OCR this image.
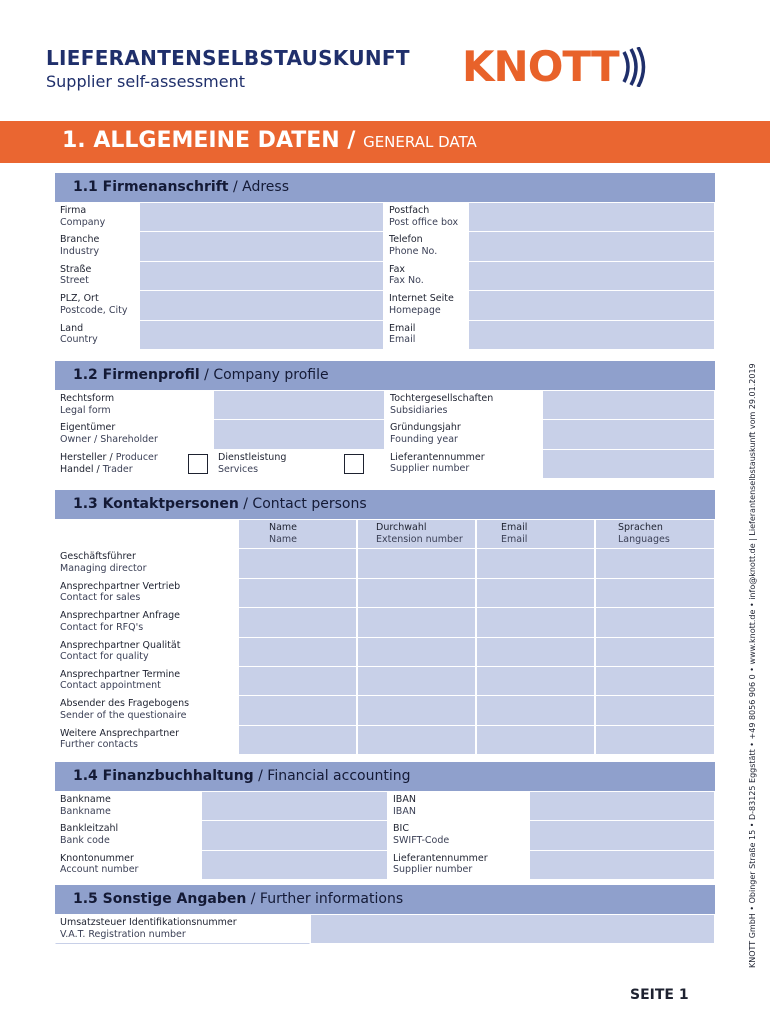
LIEFERANTENSELBSTAUSKUNFT
Supplier self-assessment	KNOTT
1. ALLGEMEINE DATEN / GENERAL DATA
1.1 Firmenanschrift / Adress
Firma
Company
Postfach
Post office box
Branche
Industry
Telefon
Phone No.
Straße
Street
Fax
Fax No.
PLZ, Ort
Postcode, City
Internet Seite
Homepage
Land
Country
Email
Email
1.2 Firmenprofil / Company profile
Rechtsform
Legal form
Tochtergesellschaften
Subsidiaries
Eigentümer
Owner / Shareholder
Gründungsjahr
Founding year
Hersteller / Producer
Handel / Trader
Dienstleistung
Services
Lieferantennummer
Supplier number
1.3 Kontaktpersonen / Contact persons
Name
Name
Durchwahl
Extension number
Email
Email
Sprachen
Languages
Geschäftsführer
Managing director
Ansprechpartner Vertrieb
Contact for sales
Ansprechpartner Anfrage
Contact for RFQ's
Ansprechpartner Qualität
Contact for quality
Ansprechpartner Termine
Contact appointment
Absender des Fragebogens
Sender of the questionaire
Weitere Ansprechpartner
Further contacts
1.4 Finanzbuchhaltung / Financial accounting
Bankname
Bankname
IBAN
IBAN
Bankleitzahl
Bank code
BIC
SWIFT-Code
Knontonummer
Account number
Lieferantennummer
Supplier number
1.5 Sonstige Angaben / Further informations
Umsatzsteuer Identifikationsnummer
V.A.T. Registration number	KNOTT GmbH • Obinger Straße 15 • D-83125 Eggstätt • +49 8056 906 0 • www.knott.de • info@knott.de | Lieferantenselbstauskunft vom 29.01.2019
SEITE 1
